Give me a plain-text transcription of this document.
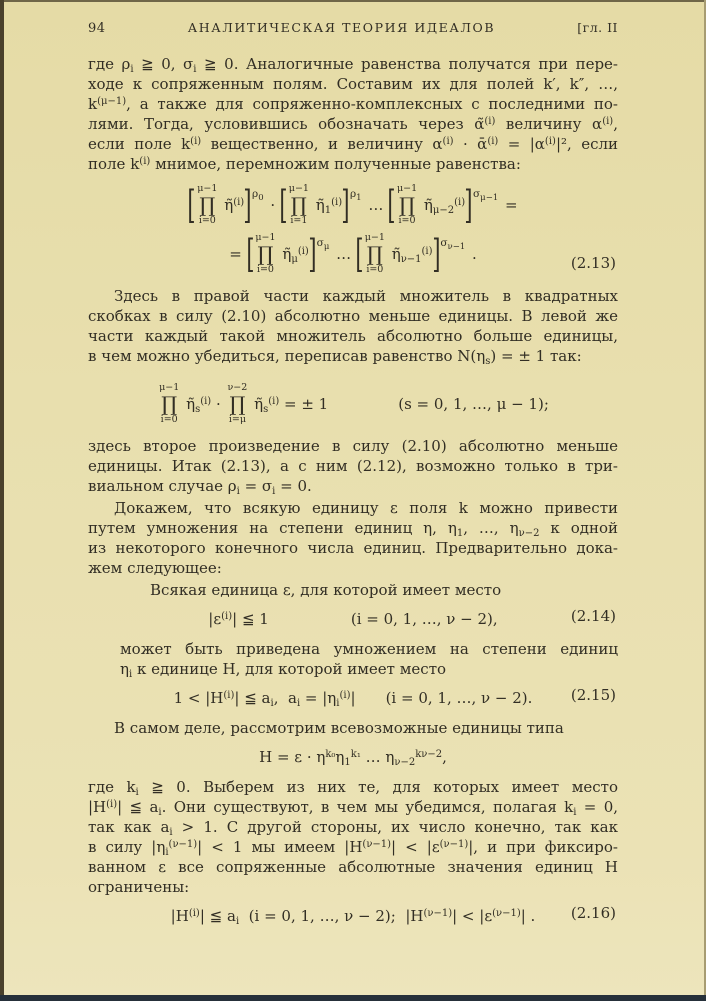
94	АНАЛИТИЧЕСКАЯ ТЕОРИЯ ИДЕАЛОВ	[гл. II
где $\rho_i$ ≧ 0, $\sigma_i$ ≧ 0. Аналогичные равенства получатся при пере-
ходе к сопряженным полям. Составим их для полей k′, k″, …,
$k^{(\mu-1)}$, а также для сопряженно-комплексных с последними по-
лями. Тогда, условившись обозначать через α̃$^{(i)}$ величину $\alpha^{(i)}$,
если поле $k^{(i)}$ вещественно, и величину $\alpha^{(i)}$ · ᾱ$^{(i)}$ = $|\alpha^{(i)}|^2$, если
поле $k^{(i)}$ мнимое, перемножим полученные равенства:
[ μ−1
∏
i=0
η̃$^{(i)}$ ] $\rho_0$ · [ μ−1
∏
i=1
$\etã_1^{(i)}$ ] $\rho_1$ … [ μ−1
∏
i=0
$\etã_{\mu-2}^{(i)}$ ] $\sigma_{\mu-1}$ =
= [ μ−1
∏
i=0
$\etã_\mu^{(i)}$ ] $\sigma_\mu$ … [ μ−1
∏
i=0
$\etã_{\nu-1}^{(i)}$ ] $\sigma_{\nu-1}$ .	(2.13)
Здесь в правой части каждый множитель в квадратных
скобках в силу (2.10) абсолютно меньше единицы. В левой же
части каждый такой множитель абсолютно больше единицы,
в чем можно убедиться, переписав равенство $N(\eta_s)$ = ± 1 так:
μ−1
∏
i=0
$\etã_s^{(i)}$ ·
ν−2
∏
i=μ
$\etã_s^{(i)}$ = ± 1	(s = 0, 1, …, μ − 1);
здесь второе произведение в силу (2.10) абсолютно меньше
единицы. Итак (2.13), а с ним (2.12), возможно только в три-
виальном случае $\rho_i = \sigma_i = 0$.
Докажем, что всякую единицу ε поля k можно привести
путем умножения на степени единиц η, $\eta_1$, …, $\eta_{\nu-2}$ к одной
из некоторого конечного числа единиц. Предварительно дока-
жем следующее:
Всякая единица ε, для которой имеет место
$|\varepsilon^{(i)}|$ ≦ 1	(i = 0, 1, …, ν − 2),	(2.14)
может быть приведена умножением на степени единиц
$\eta_i$ к единице H, для которой имеет место
$1 < |H^{(i)}|$ ≦ $a_i$,  $a_i = |\eta_i^{(i)}|$ (i = 0, 1, …, ν − 2).	(2.15)
В самом деле, рассмотрим всевозможные единицы типа
$H = \varepsilon \cdot \eta^{k_0}\eta_1^{k_1}$ … $\eta_{\nu-2}^{k\nu-2}$,
где $k_i$ ≧ 0. Выберем из них те, для которых имеет место
$|H^{(i)}|$ ≦ $a_i$. Они существуют, в чем мы убедимся, полагая $k_i = 0$,
так как $a_i > 1$. С другой стороны, их число конечно, так как
в силу $|\eta_i^{(\nu-1)}| < 1$ мы имеем $|H^{(\nu-1)}| < |\varepsilon^{(\nu-1)}|$, и при фиксиро-
ванном ε все сопряженные абсолютные значения единиц H
ограничены:
$|H^{(i)}|$ ≦ $a_i$  (i = 0, 1, …, ν − 2);  $|H^{(\nu-1)}| < |\varepsilon^{(\nu-1)}|$ . (2.16)
